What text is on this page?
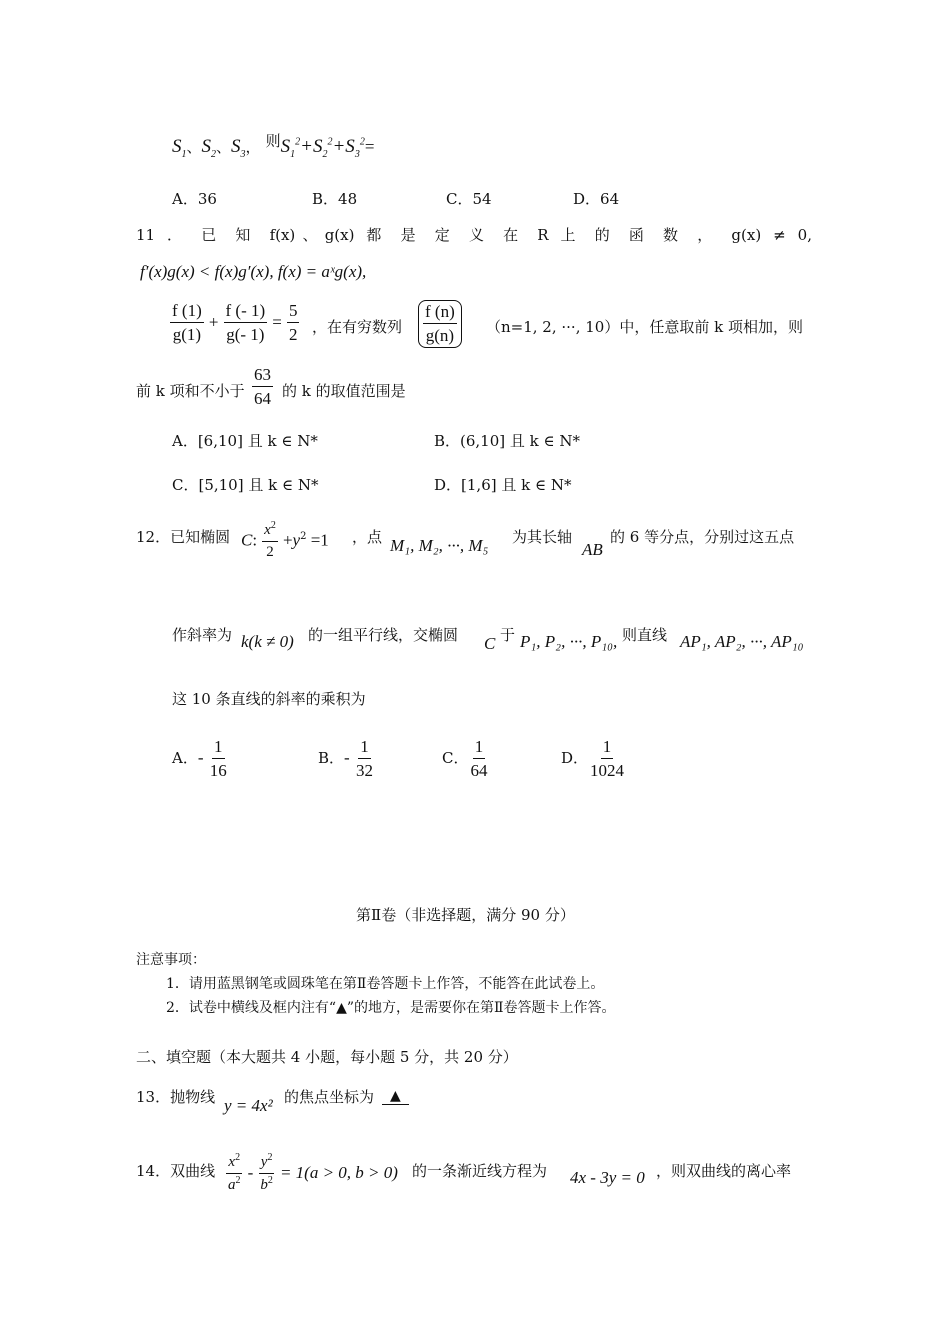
$S_1$、$S_2$、$S_3$， 则$S_1^2+S_2^2+S_3^2=$
A．36	B．48	C．54	D．64
11 ． 已 知 f(x)、g(x) 都 是 定 义 在 R 上 的 函 数 ， g(x) ≠ 0,
f′(x)g(x) < f(x)g′(x), f(x) = aˣg(x),
$\frac{f (1)}{g(1)} + \frac{f (- 1)}{g(- 1)} = \frac{5}{2}$ ，在有穷数列 $\frac{f (n)}{g(n)} (n=1$, 2, ···, 10）中，任意取前 k 项相加，则
前 k 项和不小于 $\frac{63}{64}$ 的 k 的取值范围是
A．[6,10] 且 k ∈ N*	B．(6,10] 且 k ∈ N*
C．[5,10] 且 k ∈ N*	D．[1,6] 且 k ∈ N*
12．已知椭圆 C: $\frac{x^2}{2} +y^2 =1$ ，点 M₁, M₂, ···, M₅ 为其长轴
AB
的 6 等分点，分别过这五点
作斜率为 k(k ≠ 0) 的一组平行线，交椭圆 C 于 P₁, P₂, ···, P₁₀, 则直线 AP₁, AP₂, ···, AP₁₀
这 10 条直线的斜率的乘积为
A．- $\frac{1}{16}$	B．- $\frac{1}{32}$	C． $\frac{1}{64}$	D． $\frac{1}{1024}$
第Ⅱ卷（非选择题，满分 90 分）
注意事项：
1．请用蓝黑钢笔或圆珠笔在第Ⅱ卷答题卡上作答，不能答在此试卷上。
2．试卷中横线及框内注有“▲”的地方，是需要你在第Ⅱ卷答题卡上作答。
二、填空题（本大题共 4 小题，每小题 5 分，共 20 分）
13．抛物线 y = 4x² 的焦点坐标为	▲
14．双曲线 $\frac{x^2}{a^2} - \frac{y^2}{b^2} = 1(a > 0$, b > 0) 的一条渐近线方程为 4x - 3y = 0 ，则双曲线的离心率
